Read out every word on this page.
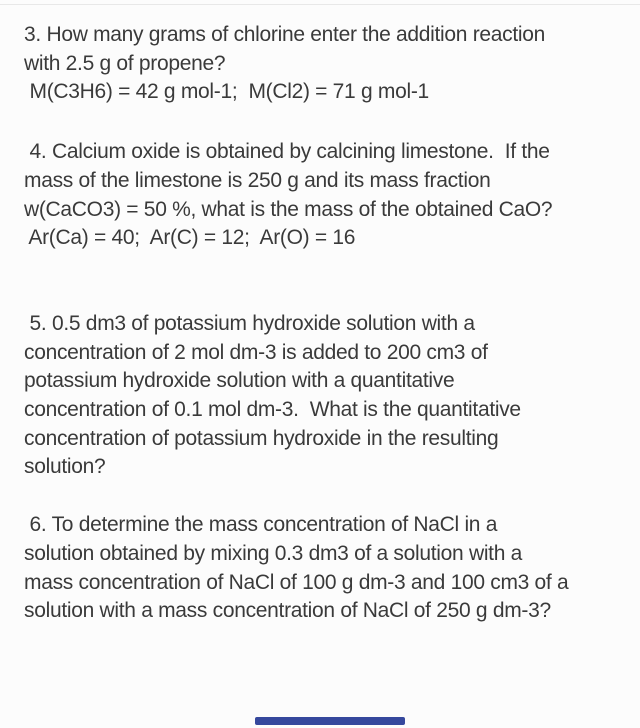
3. How many grams of chlorine enter the addition reaction
with 2.5 g of propene?
M(C3H6) = 42 g mol-1;  M(Cl2) = 71 g mol-1
4. Calcium oxide is obtained by calcining limestone.  If the
mass of the limestone is 250 g and its mass fraction
w(CaCO3) = 50 %, what is the mass of the obtained CaO?
Ar(Ca) = 40;  Ar(C) = 12;  Ar(O) = 16
5. 0.5 dm3 of potassium hydroxide solution with a
concentration of 2 mol dm-3 is added to 200 cm3 of
potassium hydroxide solution with a quantitative
concentration of 0.1 mol dm-3.  What is the quantitative
concentration of potassium hydroxide in the resulting
solution?
6. To determine the mass concentration of NaCl in a
solution obtained by mixing 0.3 dm3 of a solution with a
mass concentration of NaCl of 100 g dm-3 and 100 cm3 of a
solution with a mass concentration of NaCl of 250 g dm-3?
